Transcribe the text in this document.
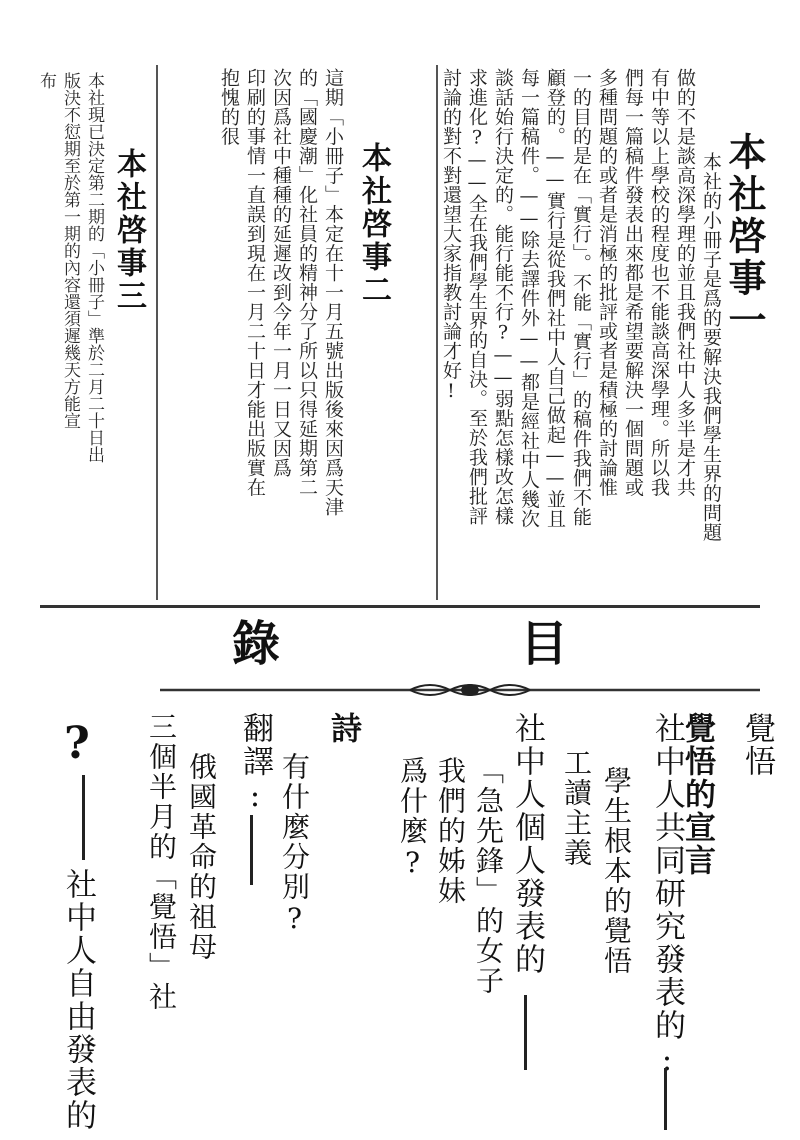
本社啓事一
本社的小冊子是爲的要解決我們學生界的問題
做的不是談高深學理的並且我們社中人多半是才共
有中等以上學校的程度也不能談高深學理。所以我
們每一篇稿件發表出來都是希望要解決一個問題或
多種問題的或者是消極的批評或者是積極的討論惟
一的目的是在「實行」。不能「實行」的稿件我們不能
顧登的。——實行是從我們社中人自己做起——並且
每一篇稿件。——除去譯件外——都是經社中人幾次
談話始行決定的。能行能不行?——弱點怎樣改怎樣
求進化?——全在我們學生界的自決。至於我們批評
討論的對不對還望大家指教討論才好!
本社啓事二
這期「小冊子」本定在十一月五號出版後來因爲天津
的「國慶潮」化社員的精神分了所以只得延期第二
次因爲社中種種的延遲改到今年一月一日又因爲
印刷的事情一直誤到現在一月二十日才能出版實在
抱愧的很
本社啓事三
本社現已決定第二期的「小冊子」準於二月二十日出
版決不愆期至於第一期的內容還須遲幾天方能宣
布
目
錄
覺悟
覺悟的宣言
社中人共同研究發表的:
學生根本的覺悟
工讀主義
社中人個人發表的
「急先鋒」的女子
我們的姊妹
爲什麼?
詩
有什麼分別?
翻譯:
俄國革命的祖母
三個半月的「覺悟」社
?
社中人自由發表的
